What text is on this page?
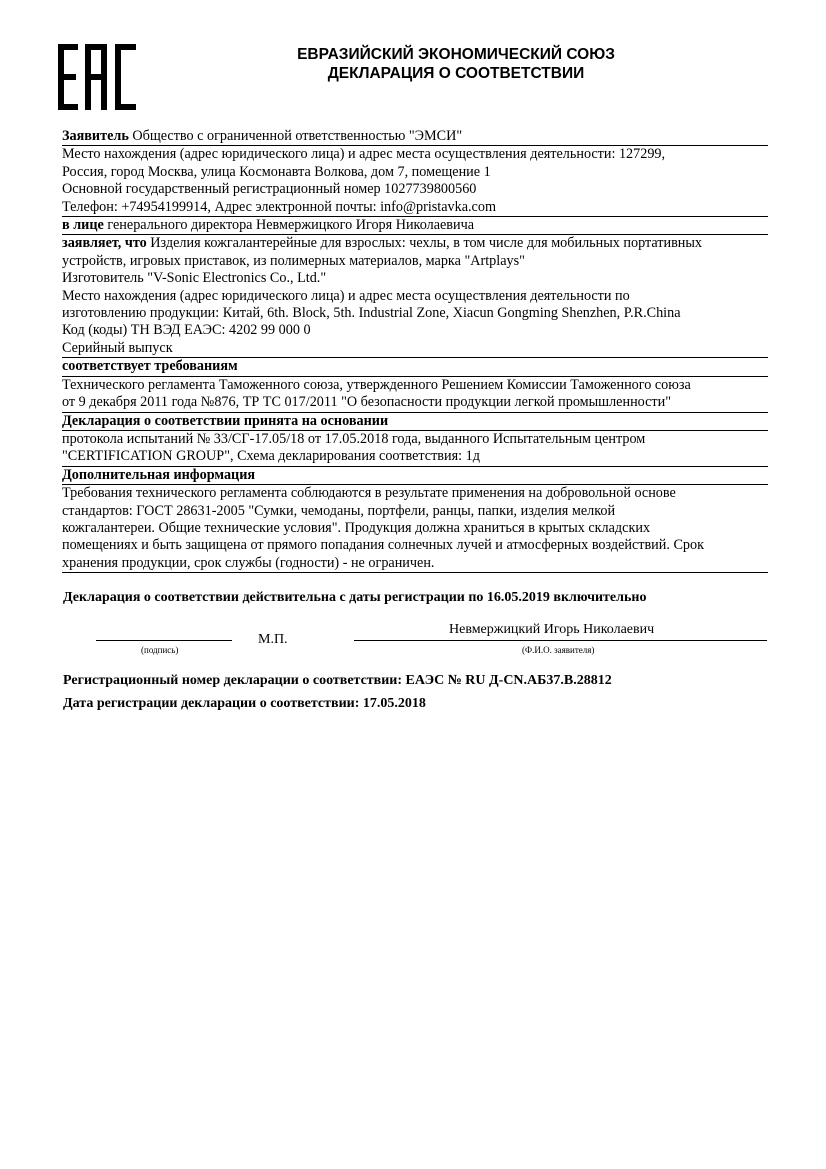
ЕВРАЗИЙСКИЙ ЭКОНОМИЧЕСКИЙ СОЮЗ
ДЕКЛАРАЦИЯ О СООТВЕТСТВИИ
Заявитель Общество с ограниченной ответственностью "ЭМСИ"
Место нахождения (адрес юридического лица) и адрес места осуществления деятельности: 127299,
Россия, город Москва, улица Космонавта Волкова, дом 7, помещение 1
Основной государственный регистрационный номер 1027739800560
Телефон: +74954199914, Адрес электронной почты: info@pristavka.com
в лице генерального директора Невмержицкого Игоря Николаевича
заявляет, что Изделия кожгалантерейные для взрослых: чехлы, в том числе для мобильных портативных
устройств, игровых приставок, из полимерных материалов, марка "Artplays"
Изготовитель "V-Sonic Electronics Co., Ltd."
Место нахождения (адрес юридического лица) и адрес места осуществления деятельности по
изготовлению продукции: Китай, 6th. Block, 5th. Industrial Zone, Xiacun Gongming Shenzhen, P.R.China
Код (коды) ТН ВЭД ЕАЭС: 4202 99 000 0
Серийный выпуск
соответствует требованиям
Технического регламента Таможенного союза, утвержденного Решением Комиссии Таможенного союза
от 9 декабря 2011 года №876, ТР ТС 017/2011 "О безопасности продукции легкой промышленности"
Декларация о соответствии принята на основании
протокола испытаний № 33/СГ-17.05/18 от 17.05.2018 года, выданного Испытательным центром
"CERTIFICATION GROUP", Схема декларирования соответствия: 1д
Дополнительная информация
Требования технического регламента соблюдаются в результате применения на добровольной основе
стандартов: ГОСТ 28631-2005 "Сумки, чемоданы, портфели, ранцы, папки, изделия мелкой
кожгалантереи. Общие технические условия". Продукция должна храниться в крытых складских
помещениях и быть защищена от прямого попадания солнечных лучей и атмосферных воздействий. Срок
хранения продукции, срок службы (годности) - не ограничен.
Декларация о соответствии действительна с даты регистрации по 16.05.2019 включительно
(подпись)
М.П.
Невмержицкий Игорь Николаевич
(Ф.И.О. заявителя)
Регистрационный номер декларации о соответствии: ЕАЭС № RU Д-CN.АБ37.В.28812
Дата регистрации декларации о соответствии: 17.05.2018
